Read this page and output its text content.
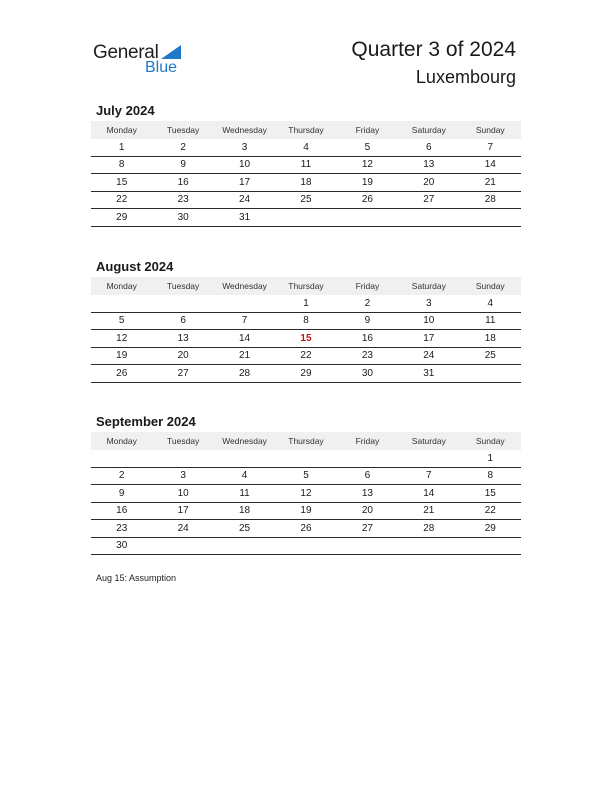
General
Blue
Quarter 3 of 2024
Luxembourg
July 2024
Monday	Tuesday	Wednesday	Thursday	Friday	Saturday	Sunday
1	2	3	4	5	6	7
8	9	10	11	12	13	14
15	16	17	18	19	20	21
22	23	24	25	26	27	28
29	30	31				
August 2024
Monday	Tuesday	Wednesday	Thursday	Friday	Saturday	Sunday
			1	2	3	4
5	6	7	8	9	10	11
12	13	14	15	16	17	18
19	20	21	22	23	24	25
26	27	28	29	30	31	
September 2024
Monday	Tuesday	Wednesday	Thursday	Friday	Saturday	Sunday
						1
2	3	4	5	6	7	8
9	10	11	12	13	14	15
16	17	18	19	20	21	22
23	24	25	26	27	28	29
30						
Aug 15: Assumption
